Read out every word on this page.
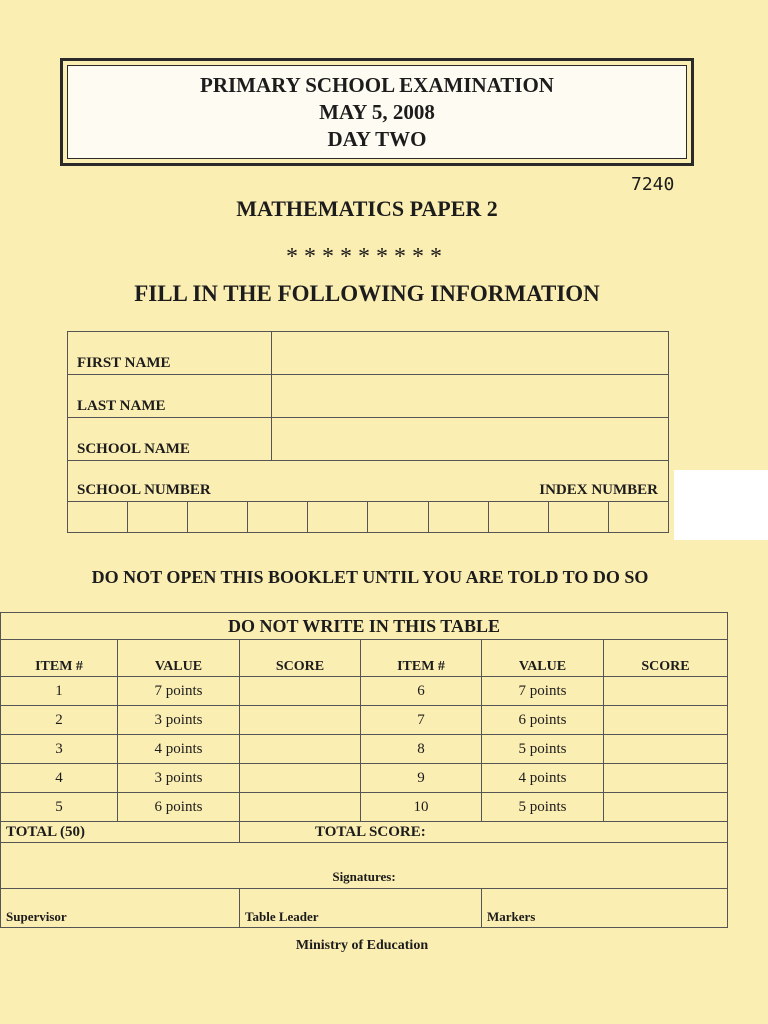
PRIMARY SCHOOL EXAMINATION
MAY 5, 2008
DAY TWO
7240
MATHEMATICS PAPER 2
*********
FILL IN THE FOLLOWING INFORMATION
FIRST NAME
LAST NAME
SCHOOL NAME
SCHOOL NUMBER	INDEX NUMBER
DO NOT OPEN THIS BOOKLET UNTIL YOU ARE TOLD TO DO SO
DO NOT WRITE IN THIS TABLE					
ITEM #	VALUE	SCORE	ITEM #	VALUE	SCORE
1	7 points		6	7 points	
2	3 points		7	6 points	
3	4 points		8	5 points	
4	3 points		9	4 points	
5	6 points		10	5 points	
TOTAL (50)		TOTAL SCORE:			
Signatures:					
Supervisor		Table Leader		Markers	
Ministry of Education
